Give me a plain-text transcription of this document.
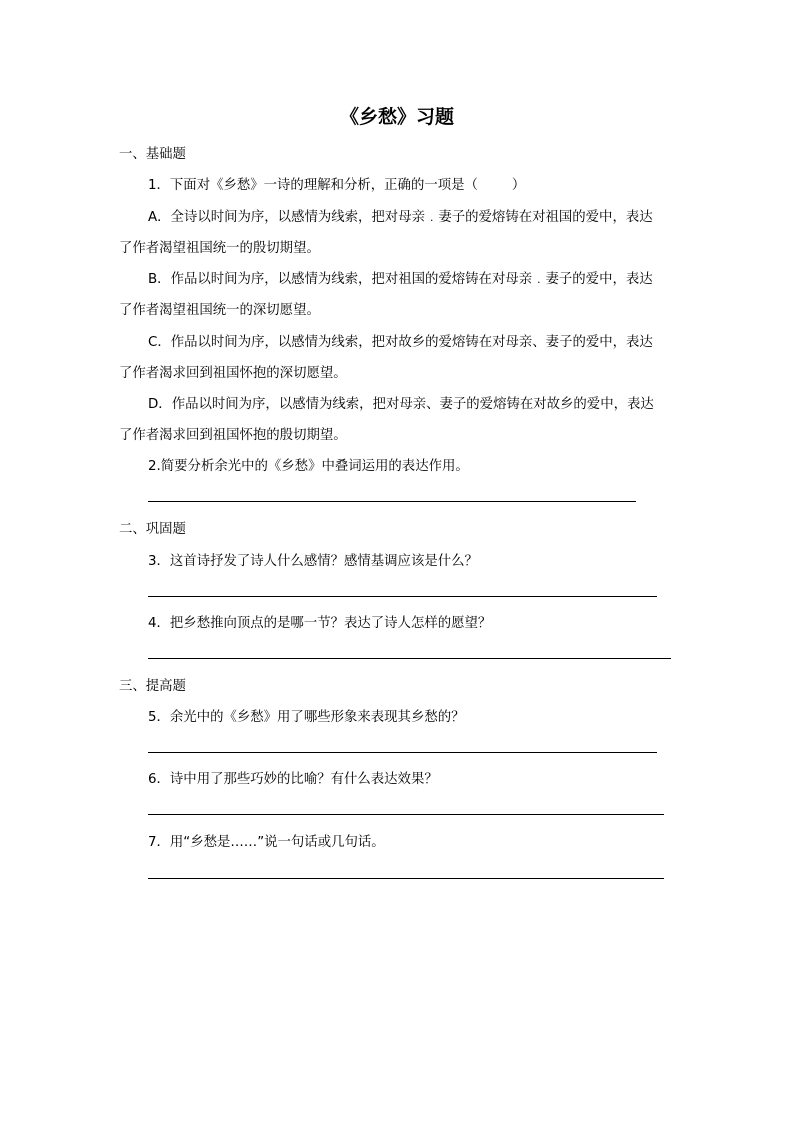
《乡愁》习题
一、基础题
1．下面对《乡愁》一诗的理解和分析，正确的一项是（	）
A．全诗以时间为序，以感情为线索，把对母亲﹒妻子的爱熔铸在对祖国的爱中，表达
了作者渴望祖国统一的殷切期望。
B．作品以时间为序，以感情为线索，把对祖国的爱熔铸在对母亲﹒妻子的爱中，表达
了作者渴望祖国统一的深切愿望。
C．作品以时间为序，以感情为线索，把对故乡的爱熔铸在对母亲、妻子的爱中，表达
了作者渴求回到祖国怀抱的深切愿望。
D．作品以时间为序，以感情为线索，把对母亲、妻子的爱熔铸在对故乡的爱中，表达
了作者渴求回到祖国怀抱的殷切期望。
2.简要分析余光中的《乡愁》中叠词运用的表达作用。
二、巩固题
3．这首诗抒发了诗人什么感情？感情基调应该是什么？
4．把乡愁推向顶点的是哪一节？表达了诗人怎样的愿望？
三、提高题
5．余光中的《乡愁》用了哪些形象来表现其乡愁的？
6．诗中用了那些巧妙的比喻？有什么表达效果？
7．用“乡愁是……”说一句话或几句话。
